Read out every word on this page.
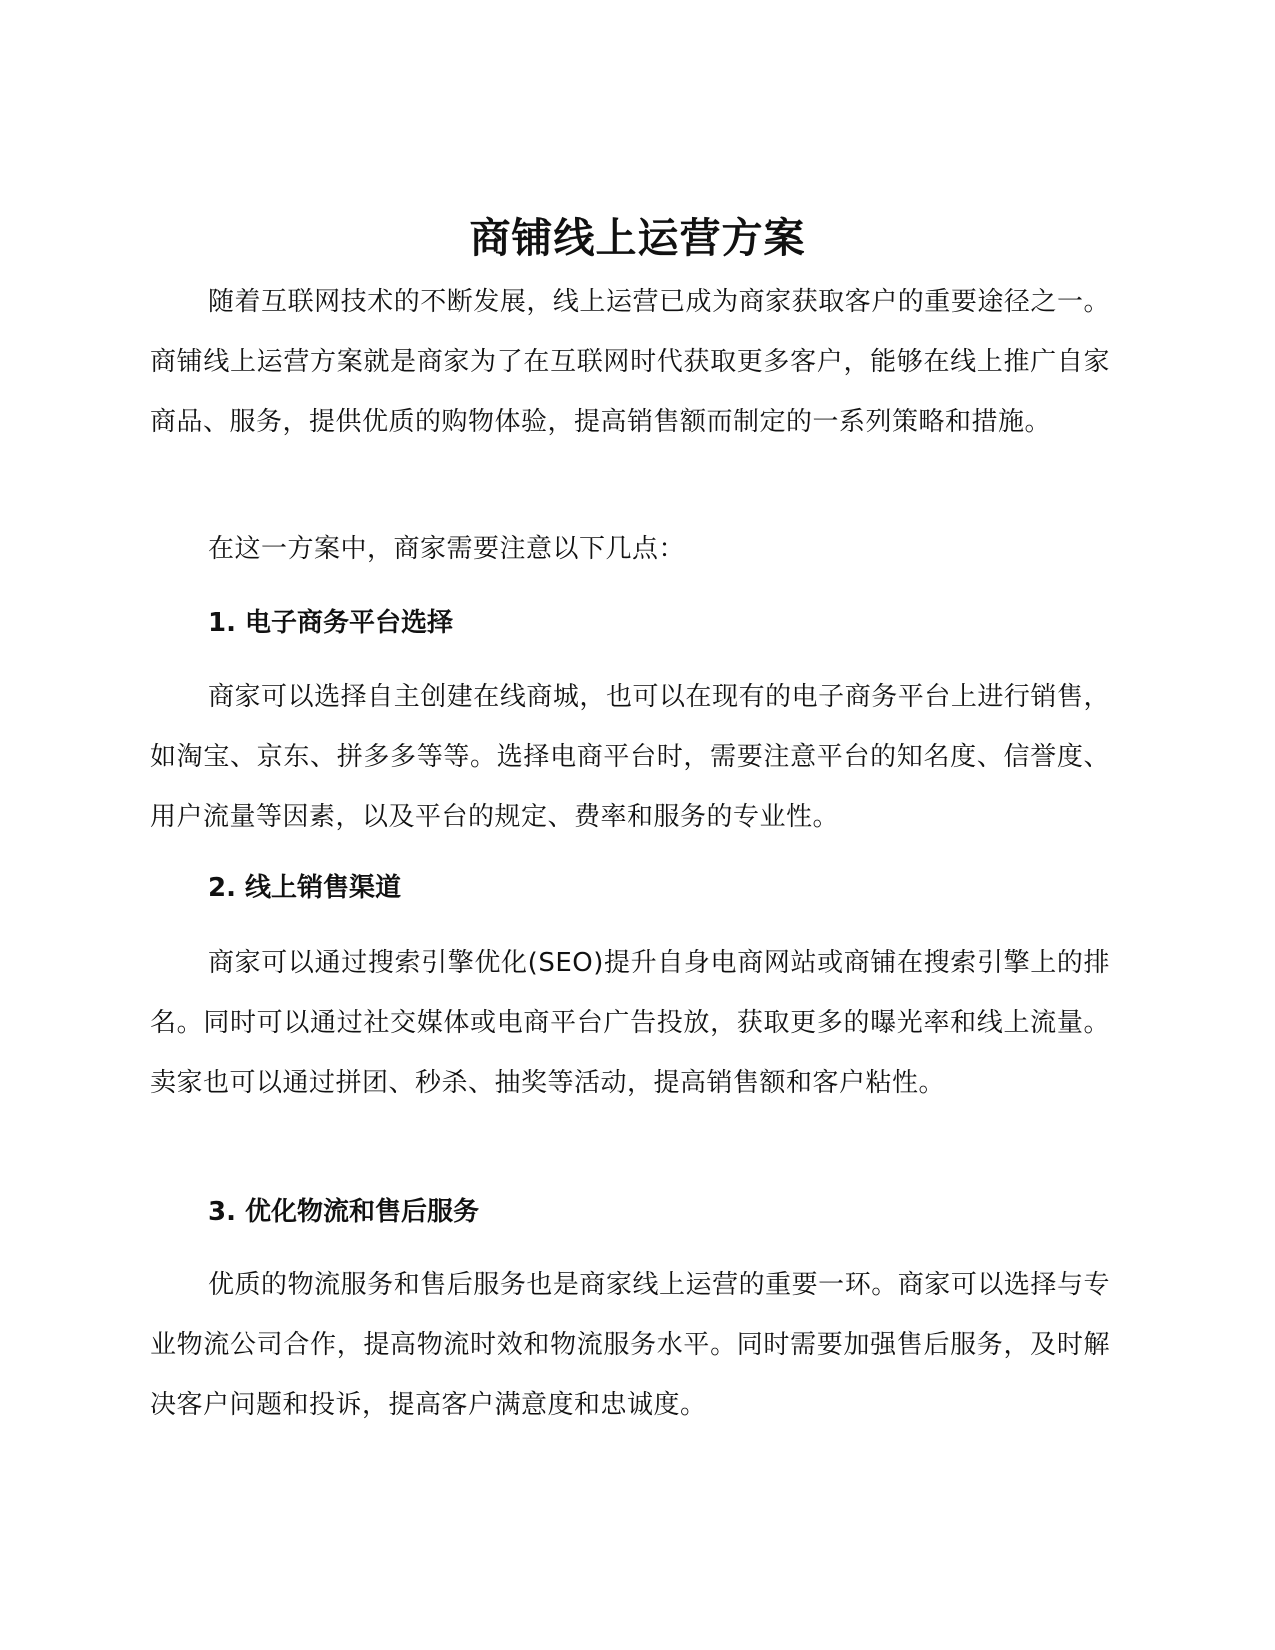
商铺线上运营方案

随着互联网技术的不断发展，线上运营已成为商家获取客户的重要途径之一。商铺线上运营方案就是商家为了在互联网时代获取更多客户，能够在线上推广自家商品、服务，提供优质的购物体验，提高销售额而制定的一系列策略和措施。

在这一方案中，商家需要注意以下几点：

1. 电子商务平台选择

商家可以选择自主创建在线商城，也可以在现有的电子商务平台上进行销售，如淘宝、京东、拼多多等等。选择电商平台时，需要注意平台的知名度、信誉度、用户流量等因素，以及平台的规定、费率和服务的专业性。

2. 线上销售渠道

商家可以通过搜索引擎优化(SEO)提升自身电商网站或商铺在搜索引擎上的排名。同时可以通过社交媒体或电商平台广告投放，获取更多的曝光率和线上流量。卖家也可以通过拼团、秒杀、抽奖等活动，提高销售额和客户粘性。

3. 优化物流和售后服务

优质的物流服务和售后服务也是商家线上运营的重要一环。商家可以选择与专业物流公司合作，提高物流时效和物流服务水平。同时需要加强售后服务，及时解决客户问题和投诉，提高客户满意度和忠诚度。
